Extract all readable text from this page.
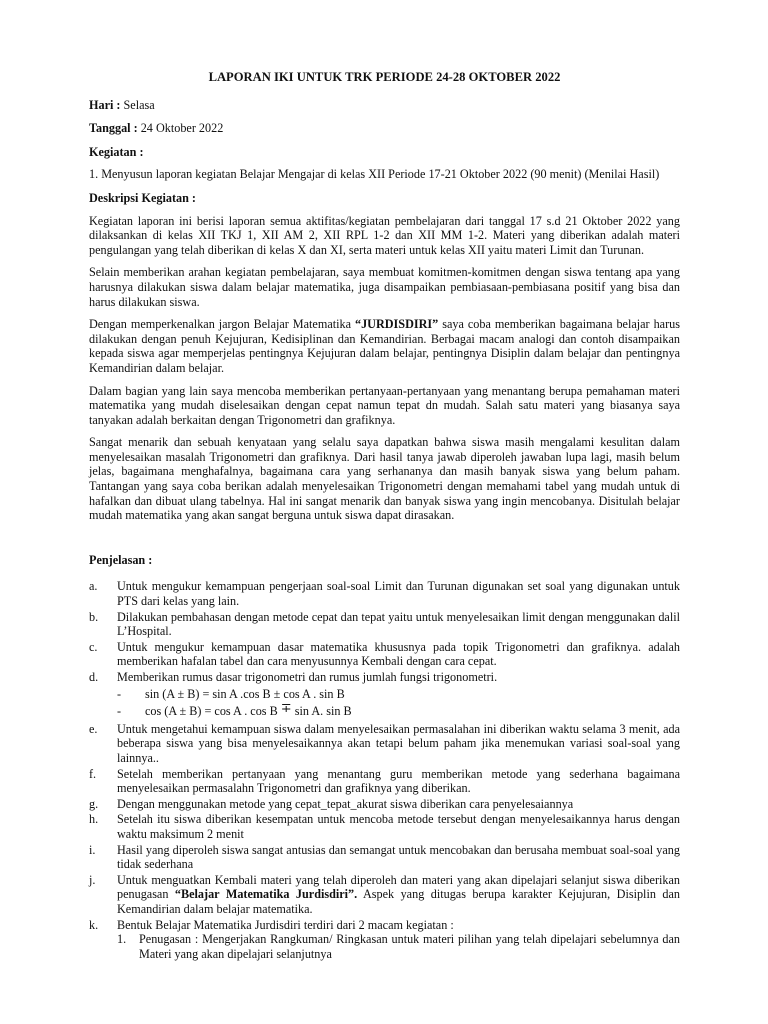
LAPORAN IKI UNTUK TRK PERIODE 24-28 OKTOBER 2022
Hari : Selasa
Tanggal : 24 Oktober 2022
Kegiatan :
1. Menyusun laporan kegiatan Belajar Mengajar di kelas XII Periode 17-21 Oktober 2022 (90 menit) (Menilai Hasil)
Deskripsi Kegiatan :

Kegiatan laporan ini berisi laporan semua aktifitas/kegiatan pembelajaran dari tanggal 17 s.d 21 Oktober 2022 yang dilaksankan di kelas XII TKJ 1, XII AM 2, XII RPL 1-2 dan XII MM 1-2. Materi yang diberikan adalah materi pengulangan yang telah diberikan di kelas X dan XI, serta materi untuk kelas XII yaitu materi Limit dan Turunan.

Selain memberikan arahan kegiatan pembelajaran, saya membuat komitmen-komitmen dengan siswa tentang apa yang harusnya dilakukan siswa dalam belajar matematika, juga disampaikan pembiasaan-pembiasana positif yang bisa dan harus dilakukan siswa.

Dengan memperkenalkan jargon Belajar Matematika “JURDISDIRI” saya coba memberikan bagaimana belajar harus dilakukan dengan penuh Kejujuran, Kedisiplinan dan Kemandirian. Berbagai macam analogi dan contoh disampaikan kepada siswa agar memperjelas pentingnya Kejujuran dalam belajar, pentingnya Disiplin dalam belajar dan pentingnya Kemandirian dalam belajar.

Dalam bagian yang lain saya mencoba memberikan pertanyaan-pertanyaan yang menantang berupa pemahaman materi matematika yang mudah diselesaikan dengan cepat namun tepat dn mudah. Salah satu materi yang biasanya saya tanyakan adalah berkaitan dengan Trigonometri dan grafiknya.

Sangat menarik dan sebuah kenyataan yang selalu saya dapatkan bahwa siswa masih mengalami kesulitan dalam menyelesaikan masalah Trigonometri dan grafiknya. Dari hasil tanya jawab diperoleh jawaban lupa lagi, masih belum jelas, bagaimana menghafalnya, bagaimana cara yang serhananya dan masih banyak siswa yang belum paham. Tantangan yang saya coba berikan adalah menyelesaikan Trigonometri dengan memahami tabel yang mudah untuk di hafalkan dan dibuat ulang tabelnya. Hal ini sangat menarik dan banyak siswa yang ingin mencobanya. Disitulah belajar mudah matematika yang akan sangat berguna untuk siswa dapat dirasakan.

Penjelasan :
a. Untuk mengukur kemampuan pengerjaan soal-soal Limit dan Turunan digunakan set soal yang digunakan untuk PTS dari kelas yang lain.
b. Dilakukan pembahasan dengan metode cepat dan tepat yaitu untuk menyelesaikan limit dengan menggunakan dalil L’Hospital.
c. Untuk mengukur kemampuan dasar matematika khususnya pada topik Trigonometri dan grafiknya. adalah memberikan hafalan tabel dan cara menyusunnya Kembali dengan cara cepat.
d. Memberikan rumus dasar trigonometri dan rumus jumlah fungsi trigonometri.
- sin (A ± B) = sin A .cos B ± cos A . sin B
- cos (A ± B) = cos A . cos B ∓ sin A. sin B
e. Untuk mengetahui kemampuan siswa dalam menyelesaikan permasalahan ini diberikan waktu selama 3 menit, ada beberapa siswa yang bisa menyelesaikannya akan tetapi belum paham jika menemukan variasi soal-soal yang lainnya..
f. Setelah memberikan pertanyaan yang menantang guru memberikan metode yang sederhana bagaimana menyelesaikan permasalahn Trigonometri dan grafiknya yang diberikan.
g. Dengan menggunakan metode yang cepat_tepat_akurat siswa diberikan cara penyelesaiannya
h. Setelah itu siswa diberikan kesempatan untuk mencoba metode tersebut dengan menyelesaikannya harus dengan waktu maksimum 2 menit
i. Hasil yang diperoleh siswa sangat antusias dan semangat untuk mencobakan dan berusaha membuat soal-soal yang tidak sederhana
j. Untuk menguatkan Kembali materi yang telah diperoleh dan materi yang akan dipelajari selanjut siswa diberikan penugasan “Belajar Matematika Jurdisdiri”. Aspek yang ditugas berupa karakter Kejujuran, Disiplin dan Kemandirian dalam belajar matematika.
k. Bentuk Belajar Matematika Jurdisdiri terdiri dari 2 macam kegiatan :
1. Penugasan : Mengerjakan Rangkuman/ Ringkasan untuk materi pilihan yang telah dipelajari sebelumnya dan Materi yang akan dipelajari selanjutnya
